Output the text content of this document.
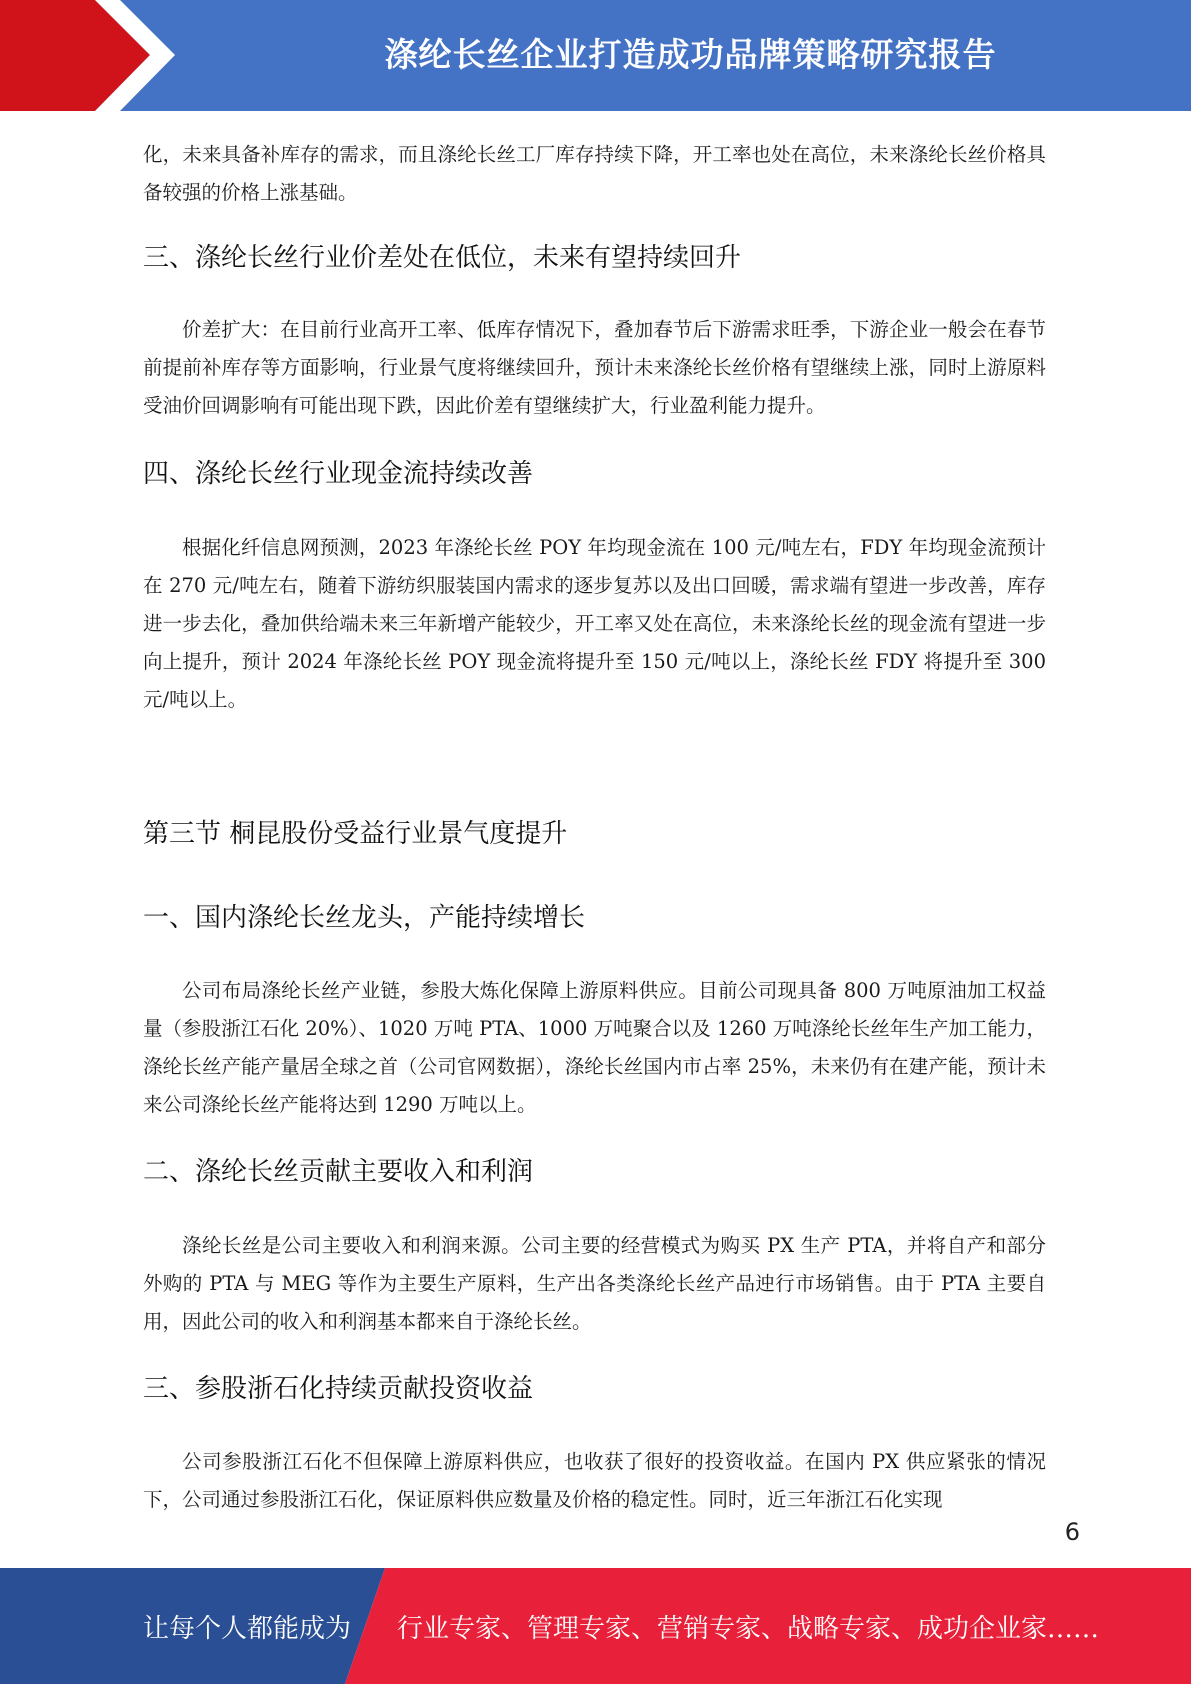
涤纶长丝企业打造成功品牌策略研究报告

化，未来具备补库存的需求，而且涤纶长丝工厂库存持续下降，开工率也处在高位，未来涤纶长丝价格具备较强的价格上涨基础。

三、涤纶长丝行业价差处在低位，未来有望持续回升

价差扩大：在目前行业高开工率、低库存情况下，叠加春节后下游需求旺季，下游企业一般会在春节前提前补库存等方面影响，行业景气度将继续回升，预计未来涤纶长丝价格有望继续上涨，同时上游原料受油价回调影响有可能出现下跌，因此价差有望继续扩大，行业盈利能力提升。

四、涤纶长丝行业现金流持续改善

根据化纤信息网预测，2023 年涤纶长丝 POY 年均现金流在 100 元/吨左右，FDY 年均现金流预计在 270 元/吨左右，随着下游纺织服装国内需求的逐步复苏以及出口回暖，需求端有望进一步改善，库存进一步去化，叠加供给端未来三年新增产能较少，开工率又处在高位，未来涤纶长丝的现金流有望进一步向上提升，预计 2024 年涤纶长丝 POY 现金流将提升至 150 元/吨以上，涤纶长丝 FDY 将提升至 300 元/吨以上。

第三节 桐昆股份受益行业景气度提升
一、国内涤纶长丝龙头，产能持续增长

公司布局涤纶长丝产业链，参股大炼化保障上游原料供应。目前公司现具备 800 万吨原油加工权益量（参股浙江石化 20%）、1020 万吨 PTA、1000 万吨聚合以及 1260 万吨涤纶长丝年生产加工能力，涤纶长丝产能产量居全球之首（公司官网数据），涤纶长丝国内市占率 25%，未来仍有在建产能，预计未来公司涤纶长丝产能将达到 1290 万吨以上。

二、涤纶长丝贡献主要收入和利润

涤纶长丝是公司主要收入和利润来源。公司主要的经营模式为购买 PX 生产 PTA，并将自产和部分外购的 PTA 与 MEG 等作为主要生产原料，生产出各类涤纶长丝产品迚行市场销售。由于 PTA 主要自用，因此公司的收入和利润基本都来自于涤纶长丝。

三、参股浙石化持续贡献投资收益

公司参股浙江石化不但保障上游原料供应，也收获了很好的投资收益。在国内 PX 供应紧张的情况下，公司通过参股浙江石化，保证原料供应数量及价格的稳定性。同时，近三年浙江石化实现

6
让每个人都能成为 行业专家、管理专家、营销专家、战略专家、成功企业家……
